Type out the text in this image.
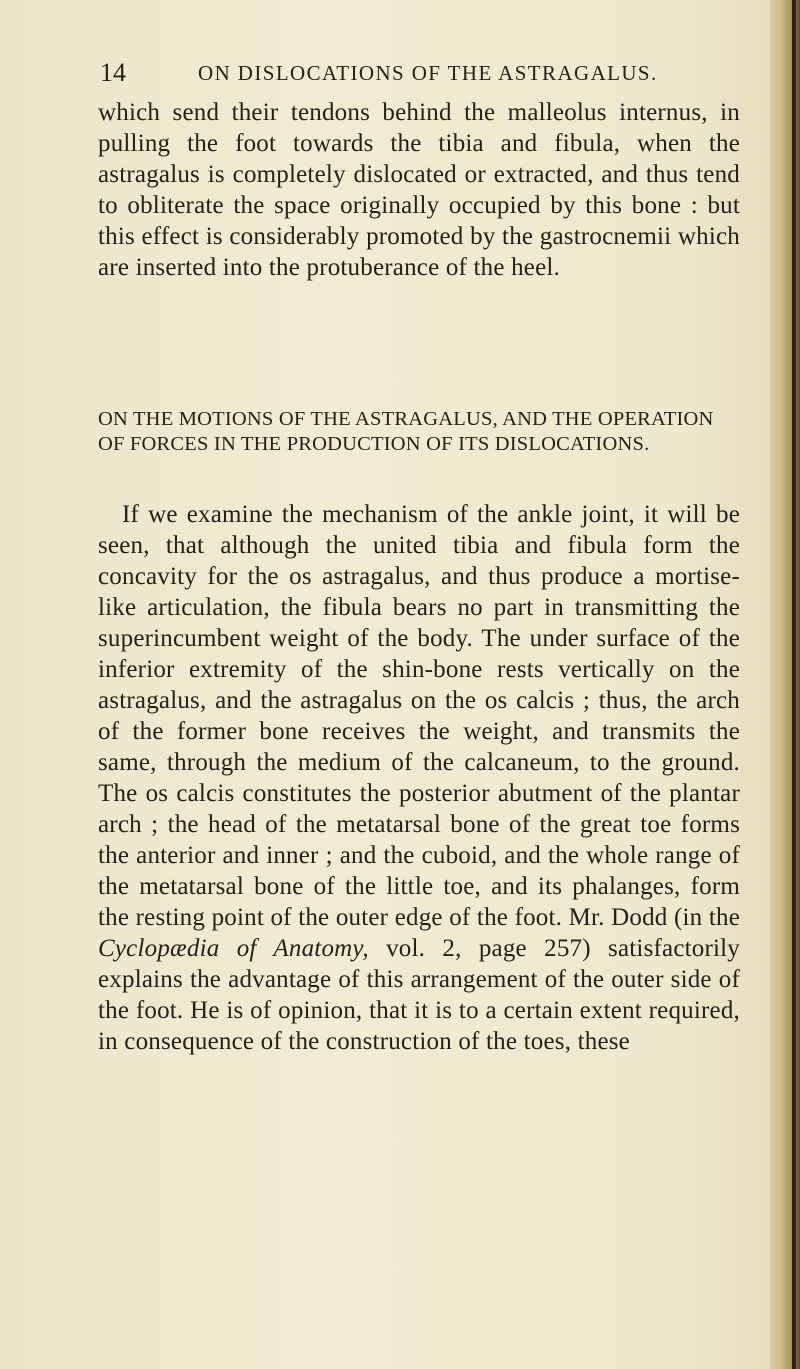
14	ON DISLOCATIONS OF THE ASTRAGALUS.

which send their tendons behind the malleolus internus, in pulling the foot towards the tibia and fibula, when the astragalus is completely dislocated or extracted, and thus tend to obliterate the space originally occupied by this bone : but this effect is considerably promoted by the gastrocnemii which are inserted into the protuberance of the heel.

ON THE MOTIONS OF THE ASTRAGALUS, AND THE OPERATION OF FORCES IN THE PRODUCTION OF ITS DISLOCATIONS.

If we examine the mechanism of the ankle joint, it will be seen, that although the united tibia and fibula form the concavity for the os astragalus, and thus produce a mortise-like articulation, the fibula bears no part in transmitting the superincumbent weight of the body. The under surface of the inferior extremity of the shin-bone rests vertically on the astragalus, and the astragalus on the os calcis ; thus, the arch of the former bone receives the weight, and transmits the same, through the medium of the calcaneum, to the ground. The os calcis constitutes the posterior abutment of the plantar arch ; the head of the metatarsal bone of the great toe forms the anterior and inner ; and the cuboid, and the whole range of the metatarsal bone of the little toe, and its phalanges, form the resting point of the outer edge of the foot. Mr. Dodd (in the Cyclopædia of Anatomy, vol. 2, page 257) satisfactorily explains the advantage of this arrangement of the outer side of the foot. He is of opinion, that it is to a certain extent required, in consequence of the construction of the toes, these
